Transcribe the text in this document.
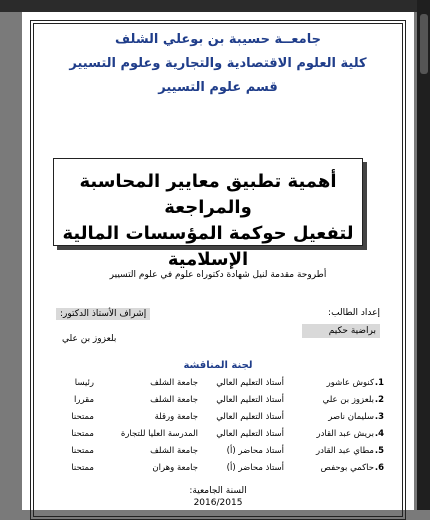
جامعــة حسيبة بن بوعلي الشلف
كلية العلوم الاقتصادية والتجارية وعلوم التسيير
قسم علوم التسيير
أهمية تطبيق معايير المحاسبة والمراجعة
لتفعيل حوكمة المؤسسات المالية الإسلامية
أطروحة مقدمة لنيل شهادة دكتوراه علوم في علوم التسيير
إعداد الطالب:
براضية حكيم
إشراف الأستاذ الدكتور:
بلعزوز بن علي
لجنة المناقشة
1.
كنوش عاشور
أستاذ التعليم العالي
جامعة الشلف
رئيسا
2.
بلعزوز بن علي
أستاذ التعليم العالي
جامعة الشلف
مقررا
3.
سليمان ناصر
أستاذ التعليم العالي
جامعة ورقلة
ممتحنا
4.
بريش عبد القادر
أستاذ التعليم العالي
المدرسة العليا للتجارة
ممتحنا
5.
مطاي عبد القادر
أستاذ محاضر (أ)
جامعة الشلف
ممتحنا
6.
حاكمي بوحفص
أستاذ محاضر (أ)
جامعة وهران
ممتحنا
السنة الجامعية:
2016/2015
